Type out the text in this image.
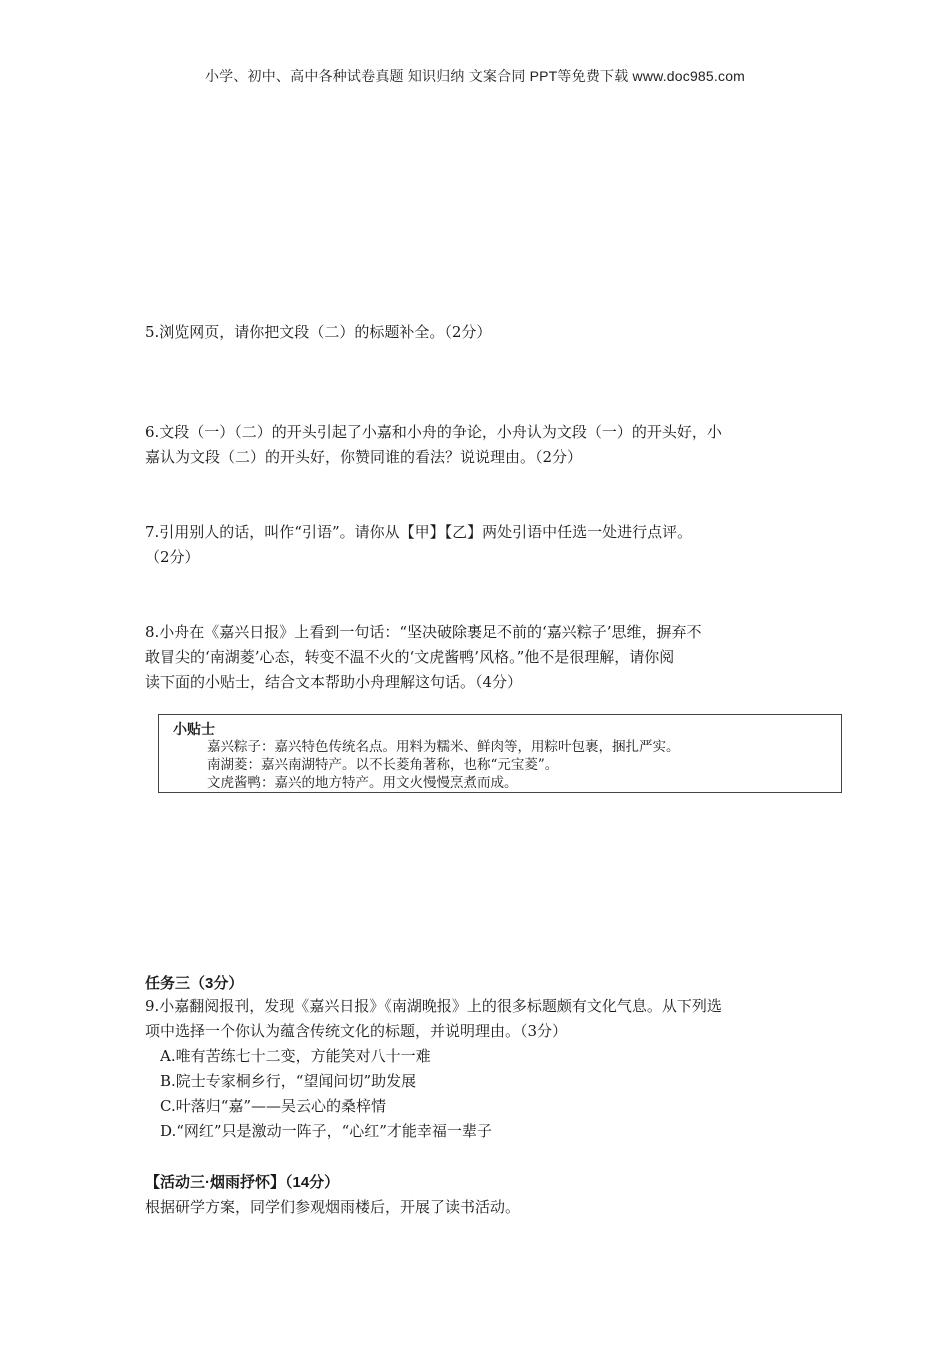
小学、初中、高中各种试卷真题 知识归纳 文案合同 PPT等免费下载 www.doc985.com

5.浏览网页，请你把文段（二）的标题补全。（2分）

6.文段（一）（二）的开头引起了小嘉和小舟的争论，小舟认为文段（一）的开头好，小

嘉认为文段（二）的开头好，你赞同谁的看法？说说理由。（2分）

7.引用别人的话，叫作“引语”。请你从【甲】【乙】两处引语中任选一处进行点评。

（2分）

8.小舟在《嘉兴日报》上看到一句话：“坚决破除裹足不前的‘嘉兴粽子’思维，摒弃不

敢冒尖的‘南湖菱’心态，转变不温不火的‘文虎酱鸭’风格。”他不是很理解，请你阅

读下面的小贴士，结合文本帮助小舟理解这句话。（4分）

小贴士
嘉兴粽子：嘉兴特色传统名点。用料为糯米、鲜肉等，用粽叶包裹，捆扎严实。
南湖菱：嘉兴南湖特产。以不长菱角著称，也称“元宝菱”。
文虎酱鸭：嘉兴的地方特产。用文火慢慢烹煮而成。
任务三（3分）

9.小嘉翻阅报刊，发现《嘉兴日报》《南湖晚报》上的很多标题颇有文化气息。从下列选

项中选择一个你认为蕴含传统文化的标题，并说明理由。（3分）

A.唯有苦练七十二变，方能笑对八十一难

B.院士专家桐乡行，“望闻问切”助发展

C.叶落归“嘉”——吴云心的桑梓情

D.“网红”只是激动一阵子，“心红”才能幸福一辈子

【活动三·烟雨抒怀】（14分）

根据研学方案，同学们参观烟雨楼后，开展了读书活动。
